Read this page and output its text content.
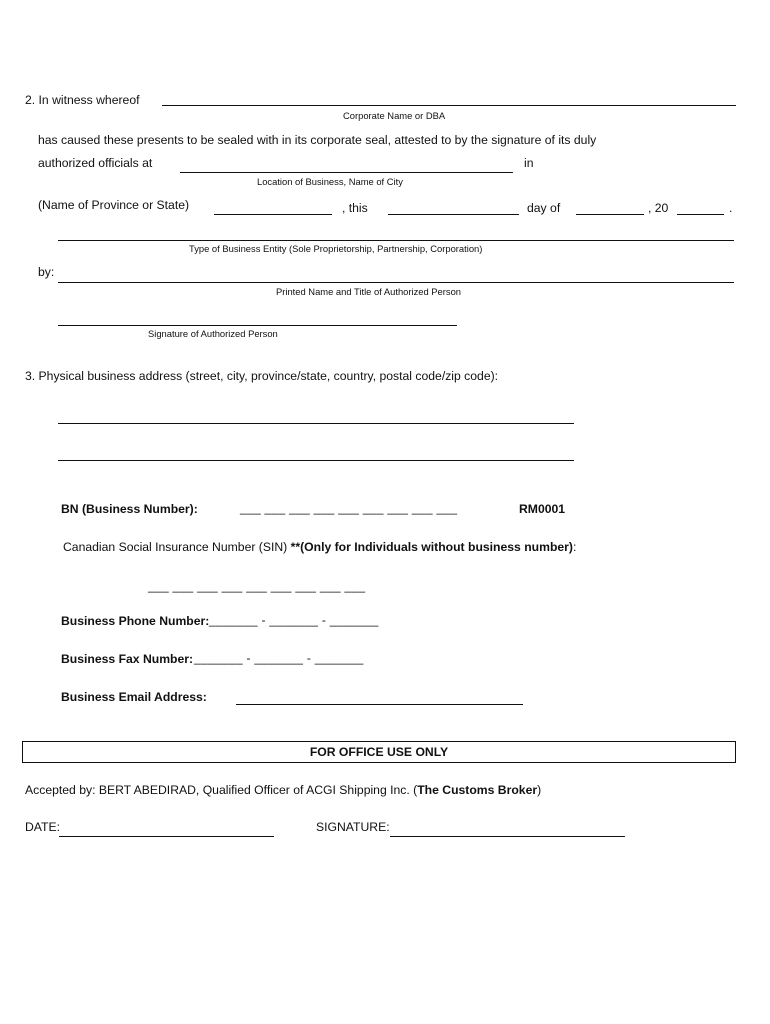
2. In witness whereof
Corporate Name or DBA
has caused these presents to be sealed with in its corporate seal, attested to by the signature of its duly
authorized officials at	in
Location of Business, Name of City
(Name of Province or State)	, this	day of	, 20	.
Type of Business Entity (Sole Proprietorship, Partnership, Corporation)
by:
Printed Name and Title of Authorized Person
Signature of Authorized Person
3. Physical business address (street, city, province/state, country, postal code/zip code):
BN (Business Number):	___ ___ ___ ___ ___ ___ ___ ___ ___	RM0001
Canadian Social Insurance Number (SIN) **(Only for Individuals without business number):
___ ___ ___ ___ ___ ___ ___ ___ ___
Business Phone Number: _______ - _______ - _______
Business Fax Number: _______ - _______ - _______
Business Email Address:
FOR OFFICE USE ONLY
Accepted by: BERT ABEDIRAD, Qualified Officer of ACGI Shipping Inc. (The Customs Broker)
DATE:	SIGNATURE:
